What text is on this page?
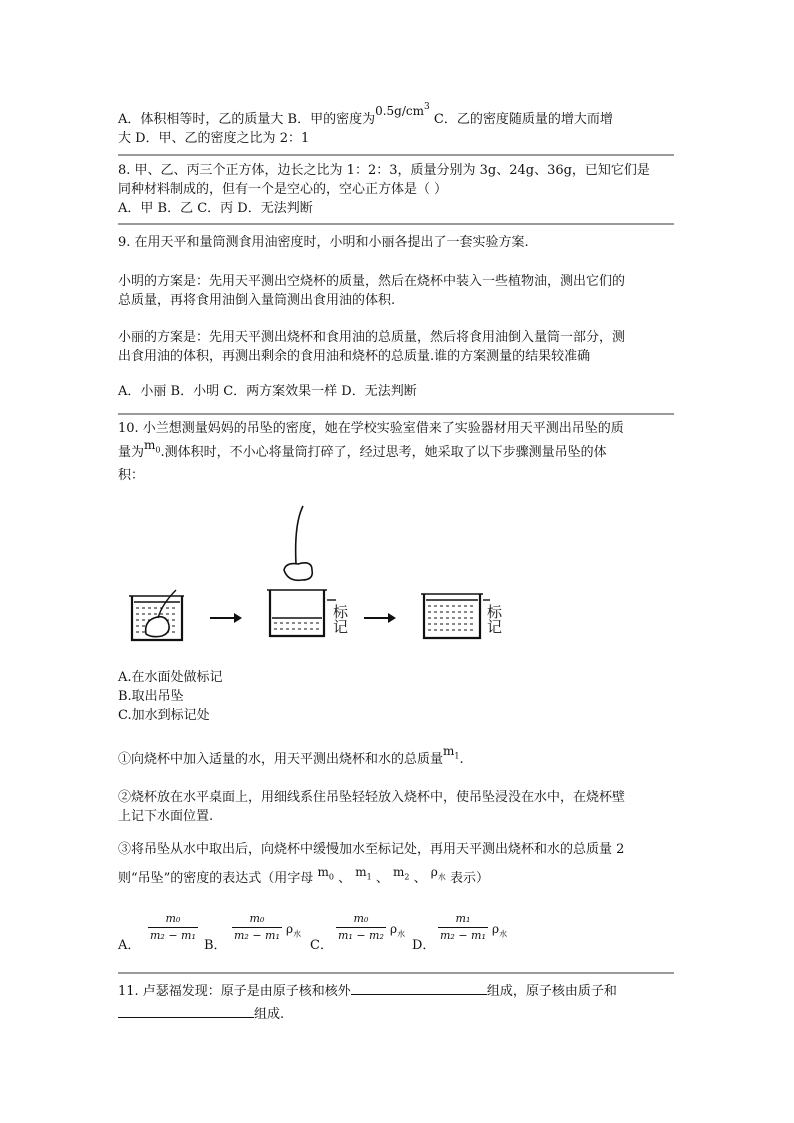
A．体积相等时，乙的质量大 B．甲的密度为$0.5g/cm^3$ C．乙的密度随质量的增大而增
大 D．甲、乙的密度之比为 2：1
8. 甲、乙、丙三个正方体，边长之比为 1：2：3，质量分别为 3g、24g、36g，已知它们是
同种材料制成的，但有一个是空心的，空心正方体是（ ）
A．甲 B．乙 C．丙 D．无法判断
9. 在用天平和量筒测食用油密度时，小明和小丽各提出了一套实验方案.
小明的方案是：先用天平测出空烧杯的质量，然后在烧杯中装入一些植物油，测出它们的
总质量，再将食用油倒入量筒测出食用油的体积.
小丽的方案是：先用天平测出烧杯和食用油的总质量，然后将食用油倒入量筒一部分，测
出食用油的体积，再测出剩余的食用油和烧杯的总质量.谁的方案测量的结果较准确
A．小丽 B．小明 C．两方案效果一样 D．无法判断
10. 小兰想测量妈妈的吊坠的密度，她在学校实验室借来了实验器材用天平测出吊坠的质
量为$m_0$.测体积时，不小心将量筒打碎了，经过思考，她采取了以下步骤测量吊坠的体
积：
标记	标记
A.在水面处做标记
B.取出吊坠
C.加水到标记处
①向烧杯中加入适量的水，用天平测出烧杯和水的总质量$m_1$.
②烧杯放在水平桌面上，用细线系住吊坠轻轻放入烧杯中，使吊坠浸没在水中，在烧杯壁
上记下水面位置.
③将吊坠从水中取出后，向烧杯中缓慢加水至标记处，再用天平测出烧杯和水的总质量 2
则“吊坠”的密度的表达式（用字母 $m_0$ 、 $m_1$ 、 $m_2$ 、 $\rho_水$ 表示）
A．
$\frac{\text{m₀}}{\text{m₂ − m₁}}$
B．
$\frac{\text{m₀}}{\text{m₂ − m₁}} \rho_水$
C．
$\frac{\text{m₀}}{\text{m₁ − m₂}} \rho_水$
D．
$\frac{\text{m₁}}{\text{m₂ − m₁}} \rho_水$
11. 卢瑟福发现：原子是由原子核和核外	组成，原子核由质子和
组成.
